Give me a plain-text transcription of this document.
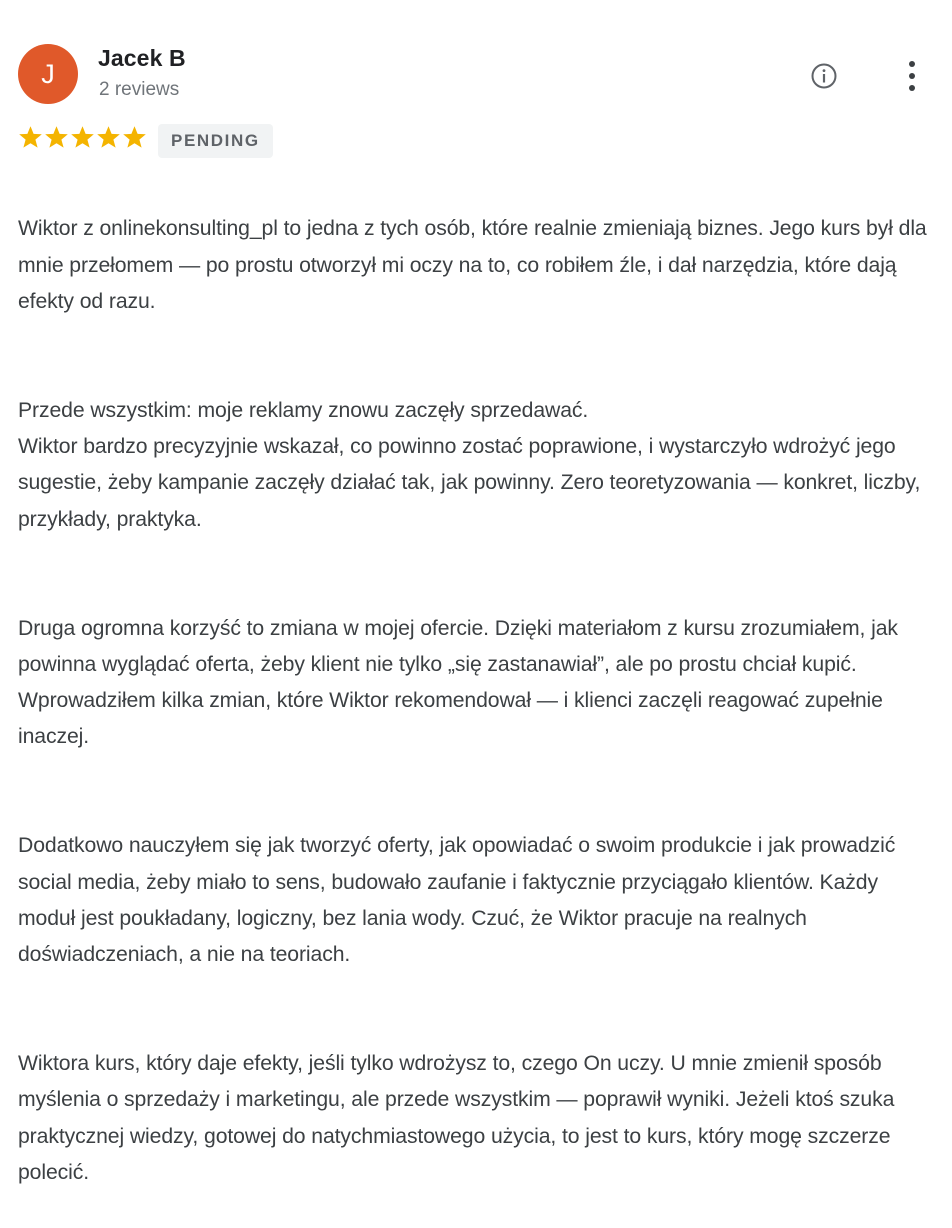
J
Jacek B
2 reviews
PENDING

Wiktor z onlinekonsulting_pl to jedna z tych osób, które realnie zmieniają biznes. Jego kurs był dla mnie przełomem — po prostu otworzył mi oczy na to, co robiłem źle, i dał narzędzia, które dają efekty od razu.

Przede wszystkim: moje reklamy znowu zaczęły sprzedawać.
Wiktor bardzo precyzyjnie wskazał, co powinno zostać poprawione, i wystarczyło wdrożyć jego sugestie, żeby kampanie zaczęły działać tak, jak powinny. Zero teoretyzowania — konkret, liczby, przykłady, praktyka.

Druga ogromna korzyść to zmiana w mojej ofercie. Dzięki materiałom z kursu zrozumiałem, jak powinna wyglądać oferta, żeby klient nie tylko „się zastanawiał”, ale po prostu chciał kupić. Wprowadziłem kilka zmian, które Wiktor rekomendował — i klienci zaczęli reagować zupełnie inaczej.

Dodatkowo nauczyłem się jak tworzyć oferty, jak opowiadać o swoim produkcie i jak prowadzić social media, żeby miało to sens, budowało zaufanie i faktycznie przyciągało klientów. Każdy moduł jest poukładany, logiczny, bez lania wody. Czuć, że Wiktor pracuje na realnych doświadczeniach, a nie na teoriach.

Wiktora kurs, który daje efekty, jeśli tylko wdrożysz to, czego On uczy. U mnie zmienił sposób myślenia o sprzedaży i marketingu, ale przede wszystkim — poprawił wyniki. Jeżeli ktoś szuka praktycznej wiedzy, gotowej do natychmiastowego użycia, to jest to kurs, który mogę szczerze polecić.
